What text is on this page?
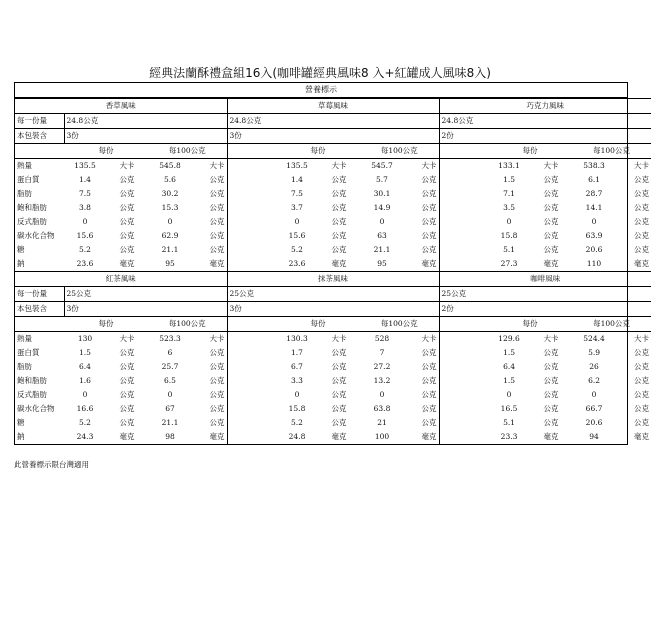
經典法蘭酥禮盒組16入(咖啡罐經典風味8 入+紅罐成人風味8入)
營養標示
香草風味					草莓風味					巧克力風味				
每一份量	24.8公克				24.8公克					24.8公克				
本包裝含	3份				3份					2份				
	每份		每100公克			每份		每100公克			每份		每100公克	
熱量	135.5	大卡	545.8	大卡		135.5	大卡	545.7	大卡		133.1	大卡	538.3	大卡
蛋白質	1.4	公克	5.6	公克		1.4	公克	5.7	公克		1.5	公克	6.1	公克
脂肪	7.5	公克	30.2	公克		7.5	公克	30.1	公克		7.1	公克	28.7	公克
飽和脂肪	3.8	公克	15.3	公克		3.7	公克	14.9	公克		3.5	公克	14.1	公克
反式脂肪	0	公克	0	公克		0	公克	0	公克		0	公克	0	公克
碳水化合物	15.6	公克	62.9	公克		15.6	公克	63	公克		15.8	公克	63.9	公克
糖	5.2	公克	21.1	公克		5.2	公克	21.1	公克		5.1	公克	20.6	公克
鈉	23.6	毫克	95	毫克		23.6	毫克	95	毫克		27.3	毫克	110	毫克
紅茶風味					抹茶風味					咖啡風味				
每一份量	25公克				25公克					25公克				
本包裝含	3份				3份					2份				
	每份		每100公克			每份		每100公克			每份		每100公克	
熱量	130	大卡	523.3	大卡		130.3	大卡	528	大卡		129.6	大卡	524.4	大卡
蛋白質	1.5	公克	6	公克		1.7	公克	7	公克		1.5	公克	5.9	公克
脂肪	6.4	公克	25.7	公克		6.7	公克	27.2	公克		6.4	公克	26	公克
飽和脂肪	1.6	公克	6.5	公克		3.3	公克	13.2	公克		1.5	公克	6.2	公克
反式脂肪	0	公克	0	公克		0	公克	0	公克		0	公克	0	公克
碳水化合物	16.6	公克	67	公克		15.8	公克	63.8	公克		16.5	公克	66.7	公克
糖	5.2	公克	21.1	公克		5.2	公克	21	公克		5.1	公克	20.6	公克
鈉	24.3	毫克	98	毫克		24.8	毫克	100	毫克		23.3	毫克	94	毫克
此營養標示限台灣適用
